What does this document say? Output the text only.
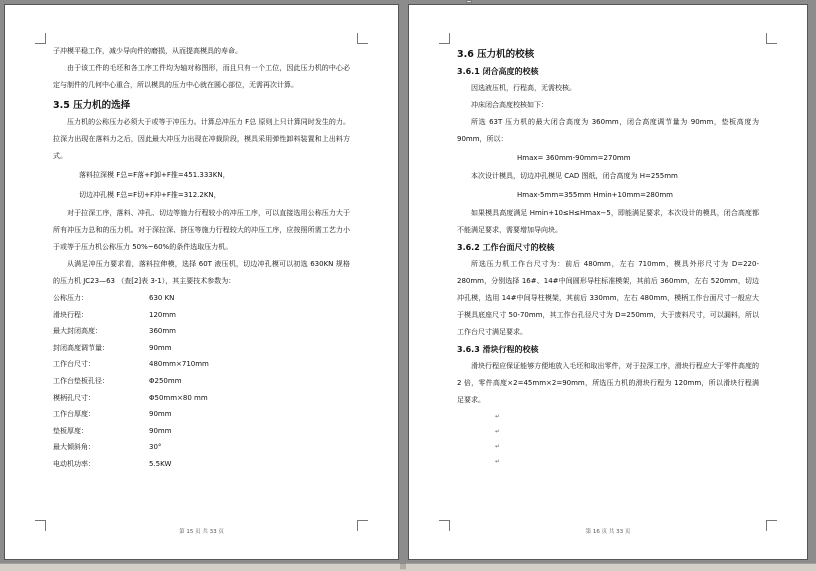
子冲模平稳工作，减少导向件的磨损，从而提高模具的寿命。
由于该工件的毛坯和各工序工件均为轴对称图形，而且只有一个工位，因此压力机的中心必定与制件的几何中心重合，所以模具的压力中心就在圆心部位，无需再次计算。
3.5 压力机的选择
压力机的公称压力必须大于或等于冲压力。计算总冲压力 F总 原则上只计算同时发生的力。拉深力出现在落料力之后，因此最大冲压力出现在冲裁阶段，模具采用弹性卸料装置和上出料方式。
落料拉深模 F总=F落+F卸+F推=451.333KN，
切边冲孔模 F总=F切+F冲+F推=312.2KN，
对于拉深工序，落料、冲孔、切边等施力行程较小的冲压工序，可以直接选用公称压力大于所有冲压力总和的压力机。对于深拉深、挤压等施力行程较大的冲压工序，应按照所需工艺力小于或等于压力机公称压力 50%~60%的条件选取压力机。
从满足冲压力要求看，落料拉伸模，选择 60T 液压机，切边冲孔模可以初选 630KN 规格的压力机 JC23—63 （查[2]表 3-1），其主要技术参数为：
公称压力：	630 KN
滑块行程：	120mm
最大封闭高度：	360mm
封闭高度调节量：	90mm
工作台尺寸：	480mm×710mm
工作台垫板孔径：	Φ250mm
模柄孔尺寸：	Φ50mm×80 mm
工作台厚度：	90mm
垫板厚度：	90mm
最大倾斜角：	30°
电动机功率：	5.5KW
第 15 页 共 33 页
3.6 压力机的校核
3.6.1 闭合高度的校核
因选液压机，行程高，无需校核。
冲床闭合高度校核如下：
所选 63T 压力机的最大闭合高度为 360mm，闭合高度调节量为 90mm，垫板高度为 90mm，所以：
Hmax= 360mm-90mm=270mm
本次设计模具，切边冲孔模见 CAD 图纸，闭合高度为 H=255mm
Hmax-5mm=355mm Hmin+10mm=280mm
如果模具高度满足 Hmin+10≤H≤Hmax−5，即能满足要求，本次设计的模具，闭合高度都不能满足要求，需要增加导向块。
3.6.2 工作台面尺寸的校核
所选压力机工作台尺寸为：前后 480mm，左右 710mm，模具外形尺寸为 D=220-280mm，分别选择 16#、14#中间圆形导柱标准模架，其前后 360mm，左右 520mm，切边冲孔模，选用 14#中间导柱模架，其前后 330mm，左右 480mm，模柄工作台面尺寸一般应大于模具底座尺寸 50-70mm，其工作台孔径尺寸为 D=250mm，大于废料尺寸，可以漏料，所以工作台尺寸满足要求。
3.6.3 滑块行程的校核
滑块行程应保证能够方便地放入毛坯和取出零件，对于拉深工序，滑块行程应大于零件高度的 2 倍，零件高度×2=45mm×2=90mm，所选压力机的滑块行程为 120mm，所以滑块行程满足要求。
↵
↵
↵
↵
第 16 页 共 33 页
|||
